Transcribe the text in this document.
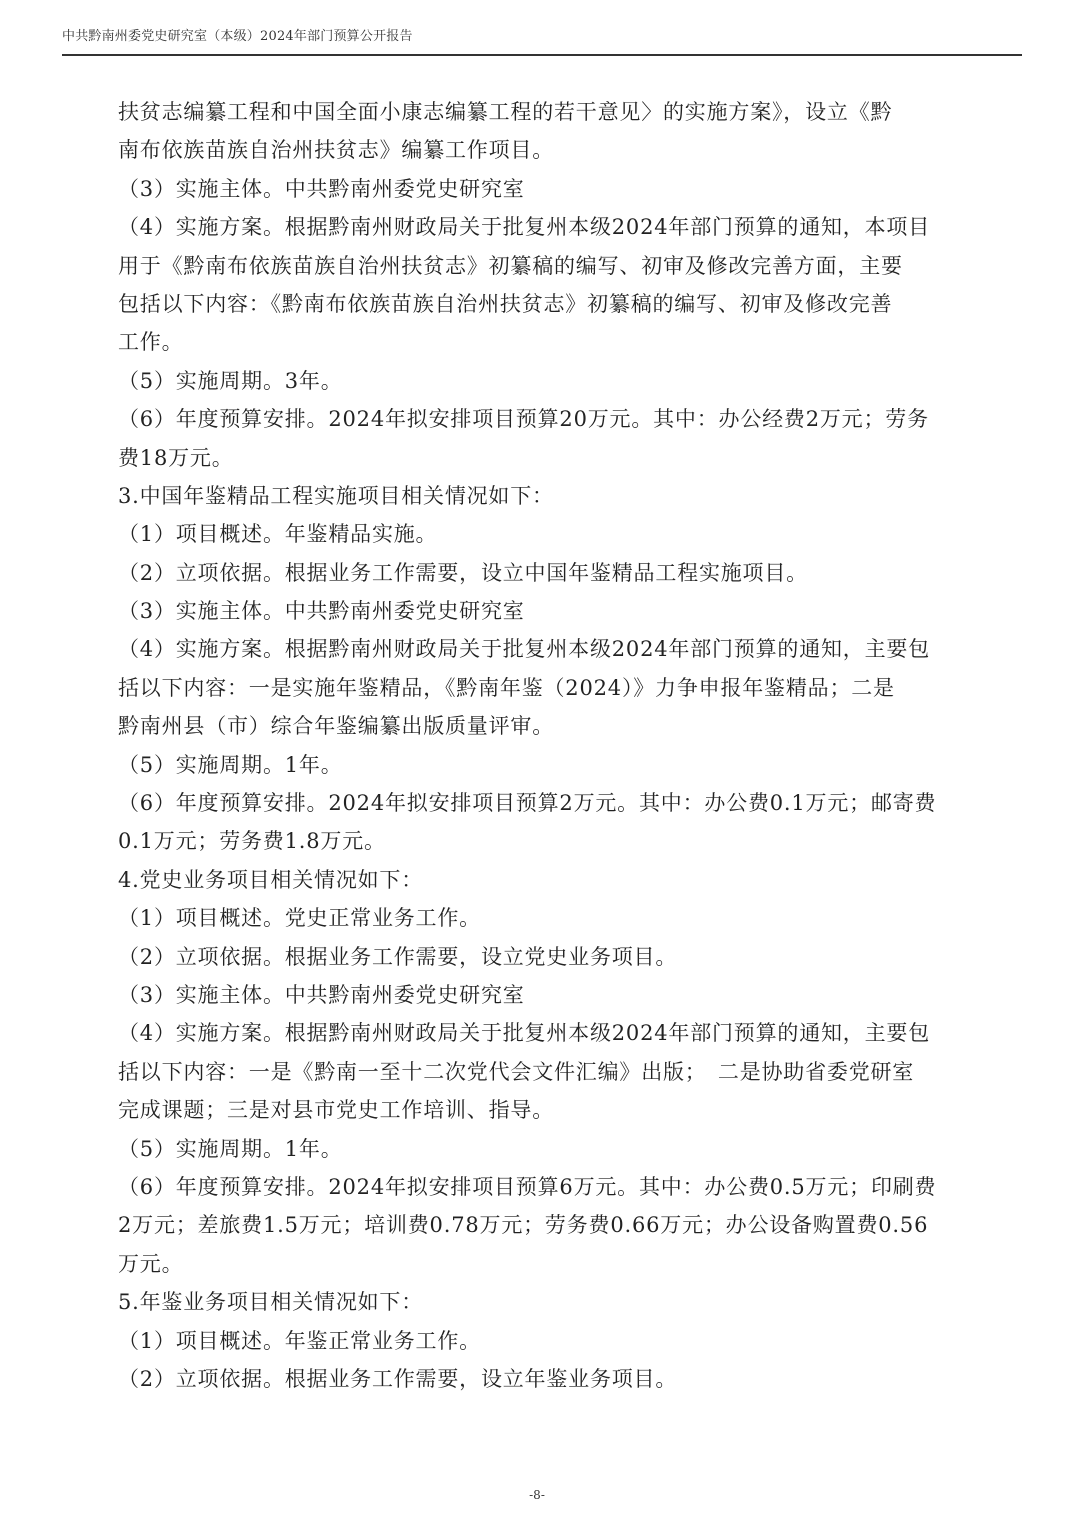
中共黔南州委党史研究室（本级）2024年部门预算公开报告
扶贫志编纂工程和中国全面小康志编纂工程的若干意见〉的实施方案》，设立《黔
南布依族苗族自治州扶贫志》编纂工作项目。
（3）实施主体。中共黔南州委党史研究室
（4）实施方案。根据黔南州财政局关于批复州本级2024年部门预算的通知，本项目
用于《黔南布依族苗族自治州扶贫志》初纂稿的编写、初审及修改完善方面，主要
包括以下内容：《黔南布依族苗族自治州扶贫志》初纂稿的编写、初审及修改完善
工作。
（5）实施周期。3年。
（6）年度预算安排。2024年拟安排项目预算20万元。其中：办公经费2万元；劳务
费18万元。
3.中国年鉴精品工程实施项目相关情况如下：
（1）项目概述。年鉴精品实施。
（2）立项依据。根据业务工作需要，设立中国年鉴精品工程实施项目。
（3）实施主体。中共黔南州委党史研究室
（4）实施方案。根据黔南州财政局关于批复州本级2024年部门预算的通知，主要包
括以下内容：一是实施年鉴精品，《黔南年鉴（2024）》力争申报年鉴精品；二是
黔南州县（市）综合年鉴编纂出版质量评审。
（5）实施周期。1年。
（6）年度预算安排。2024年拟安排项目预算2万元。其中：办公费0.1万元；邮寄费
0.1万元；劳务费1.8万元。
4.党史业务项目相关情况如下：
（1）项目概述。党史正常业务工作。
（2）立项依据。根据业务工作需要，设立党史业务项目。
（3）实施主体。中共黔南州委党史研究室
（4）实施方案。根据黔南州财政局关于批复州本级2024年部门预算的通知，主要包
括以下内容：一是《黔南一至十二次党代会文件汇编》出版；　二是协助省委党研室
完成课题；三是对县市党史工作培训、指导。
（5）实施周期。1年。
（6）年度预算安排。2024年拟安排项目预算6万元。其中：办公费0.5万元；印刷费
2万元；差旅费1.5万元；培训费0.78万元；劳务费0.66万元；办公设备购置费0.56
万元。
5.年鉴业务项目相关情况如下：
（1）项目概述。年鉴正常业务工作。
（2）立项依据。根据业务工作需要，设立年鉴业务项目。
-8-
